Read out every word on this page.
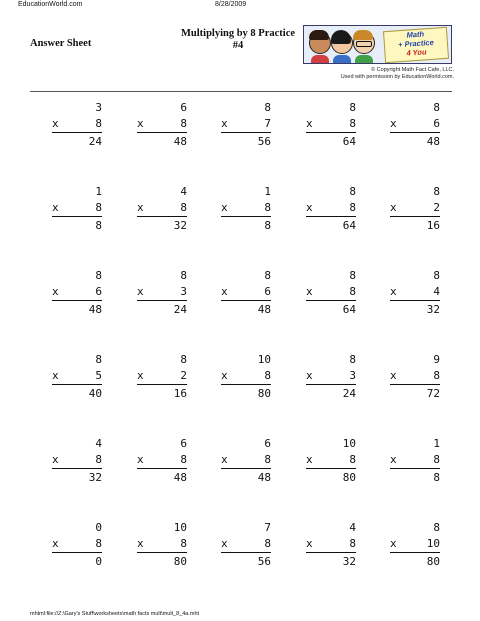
EducationWorld.com	8/28/2009
Answer Sheet
Multiplying by 8 Practice
#4
Math
+ Practice
4 You
© Copyright Math Fact Cafe, LLC.
Used with permission by EducationWorld.com.
3
x	8
24
6
x	8
48
8
x	7
56
8
x	8
64
8
x	6
48
1
x	8
8
4
x	8
32
1
x	8
8
8
x	8
64
8
x	2
16
8
x	6
48
8
x	3
24
8
x	6
48
8
x	8
64
8
x	4
32
8
x	5
40
8
x	2
16
10
x	8
80
8
x	3
24
9
x	8
72
4
x	8
32
6
x	8
48
6
x	8
48
10
x	8
80
1
x	8
8
0
x	8
0
10
x	8
80
7
x	8
56
4
x	8
32
8
x	10
80
mhtml:file://Z:\Gary's Stuff\worksheets\math facts mult\mult_8_4a.mht
